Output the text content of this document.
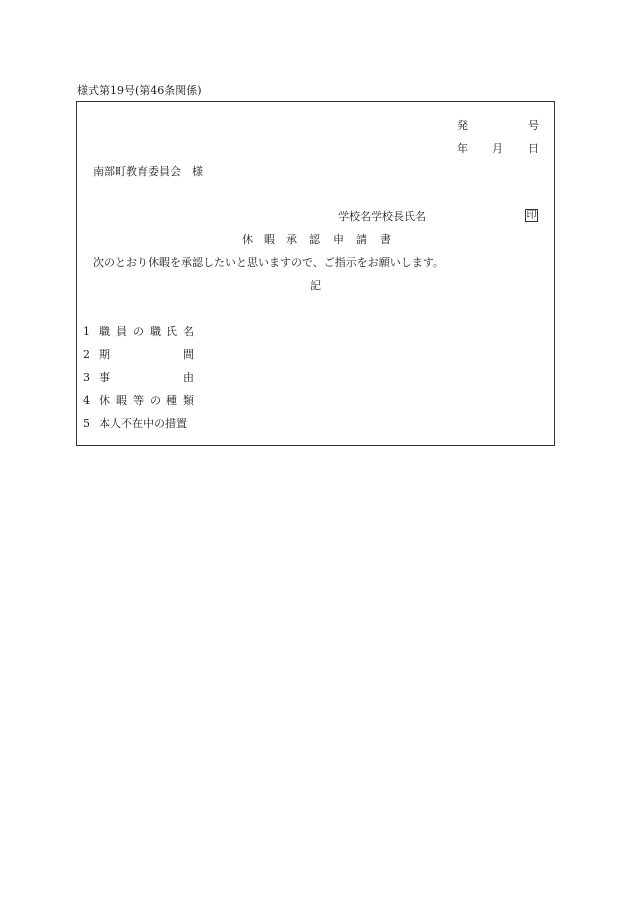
様式第19号(第46条関係)
発	号
年 月 日
南部町教育委員会　様
学校名学校長氏名	印
休 暇 承 認 申 請 書
次のとおり休暇を承認したいと思いますので、ご指示をお願いします。
記
1 職 員 の 職 氏 名
2 期	間
3 事	由
4 休 暇 等 の 種 類
5 本人不在中の措置
